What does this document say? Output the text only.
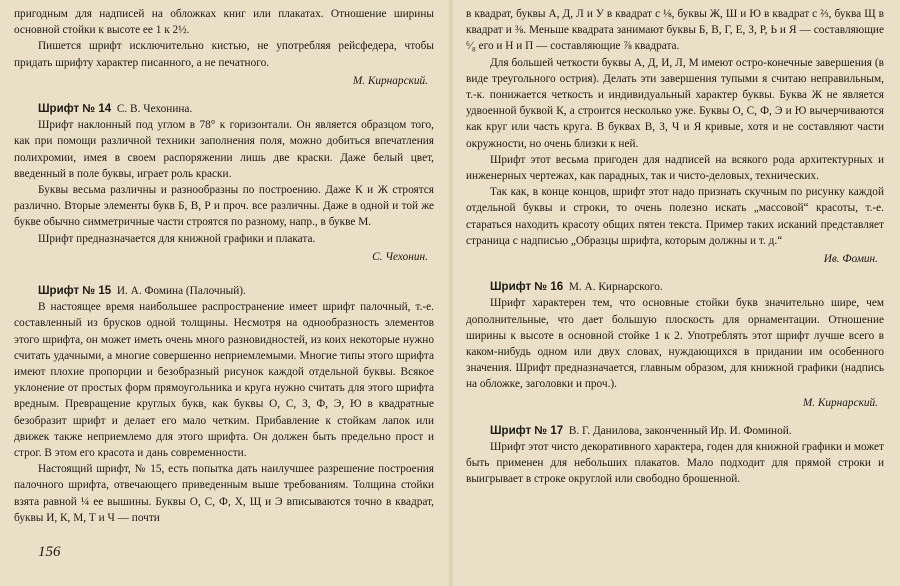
пригодным для надписей на обложках книг или плакатах. Отношение ширины основной стойки к высоте ее 1 к 2½.

Пишется шрифт исключительно кистью, не употребляя рейсфедера, чтобы придать шрифту характер писанного, а не печатного.

М. Кирнарский.

Шрифт № 14 С. В. Чехонина.

Шрифт наклонный под углом в 78° к горизонтали. Он является образцом того, как при помощи различной техники заполнения поля, можно добиться впечатления полихромии, имея в своем распоряжении лишь две краски. Даже белый цвет, введенный в поле буквы, играет роль краски.

Буквы весьма различны и разнообразны по построению. Даже К и Ж строятся различно. Вторые элементы букв Б, В, Р и проч. все различны. Даже в одной и той же букве обычно симметричные части строятся по разному, напр., в букве М.

Шрифт предназначается для книжной графики и плаката.

С. Чехонин.

Шрифт № 15 И. А. Фомина (Палочный).

В настоящее время наибольшее распространение имеет шрифт палочный, т.-е. составленный из брусков одной толщины. Несмотря на однообразность элементов этого шрифта, он может иметь очень много разновидностей, из коих некоторые нужно считать удачными, а многие совершенно неприемлемыми. Многие типы этого шрифта имеют плохие пропорции и безобразный рисунок каждой отдельной буквы. Всякое уклонение от простых форм прямоугольника и круга нужно считать для этого шрифта вредным. Превращение круглых букв, как буквы О, С, З, Ф, Э, Ю в квадратные безобразит шрифт и делает его мало четким. Прибавление к стойкам лапок или движек также неприемлемо для этого шрифта. Он должен быть предельно прост и строг. В этом его красота и дань современности.

Настоящий шрифт, № 15, есть попытка дать наилучшее разрешение построения палочного шрифта, отвечающего приведенным выше требованиям. Толщина стойки взята равной ¼ ее вышины. Буквы О, С, Ф, Х, Щ и Э вписываются точно в квадрат, буквы И, К, М, Т и Ч — почти

в квадрат, буквы А, Д, Л и У в квадрат с ⅛, буквы Ж, Ш и Ю в квадрат с ⅔, буква Щ в квадрат и ⅜. Меньше квадрата занимают буквы Б, В, Г, Е, З, Р, Ь и Я — составляющие ⁶⁄₈ его и Н и П — составляющие ⅞ квадрата.

Для большей четкости буквы А, Д, И, Л, М имеют остро-конечные завершения (в виде треугольного острия). Делать эти завершения тупыми я считаю неправильным, т.-к. понижается четкость и индивидуальный характер буквы. Буква Ж не является удвоенной буквой К, а строится несколько уже. Буквы О, С, Ф, Э и Ю вычерчиваются как круг или часть круга. В буквах В, З, Ч и Я кривые, хотя и не составляют части окружности, но очень близки к ней.

Шрифт этот весьма пригоден для надписей на всякого рода архитектурных и инженерных чертежах, как парадных, так и чисто-деловых, технических.

Так как, в конце концов, шрифт этот надо признать скучным по рисунку каждой отдельной буквы и строки, то очень полезно искать „массовой“ красоты, т.-е. стараться находить красоту общих пятен текста. Пример таких исканий представляет страница с надписью „Образцы шрифта, которым должны и т. д.“

Ив. Фомин.

Шрифт № 16 М. А. Кирнарского.

Шрифт характерен тем, что основные стойки букв значительно шире, чем дополнительные, что дает большую плоскость для орнаментации. Отношение ширины к высоте в основной стойке 1 к 2. Употреблять этот шрифт лучше всего в каком-нибудь одном или двух словах, нуждающихся в придании им особенного значения. Шрифт предназначается, главным образом, для книжной графики (надпись на обложке, заголовки и проч.).

М. Кирнарский.

Шрифт № 17 В. Г. Данилова, законченный Ир. И. Фоминой.

Шрифт этот чисто декоративного характера, годен для книжной графики и может быть применен для небольших плакатов. Мало подходит для прямой строки и выигрывает в строке округлой или свободно брошенной.

156
